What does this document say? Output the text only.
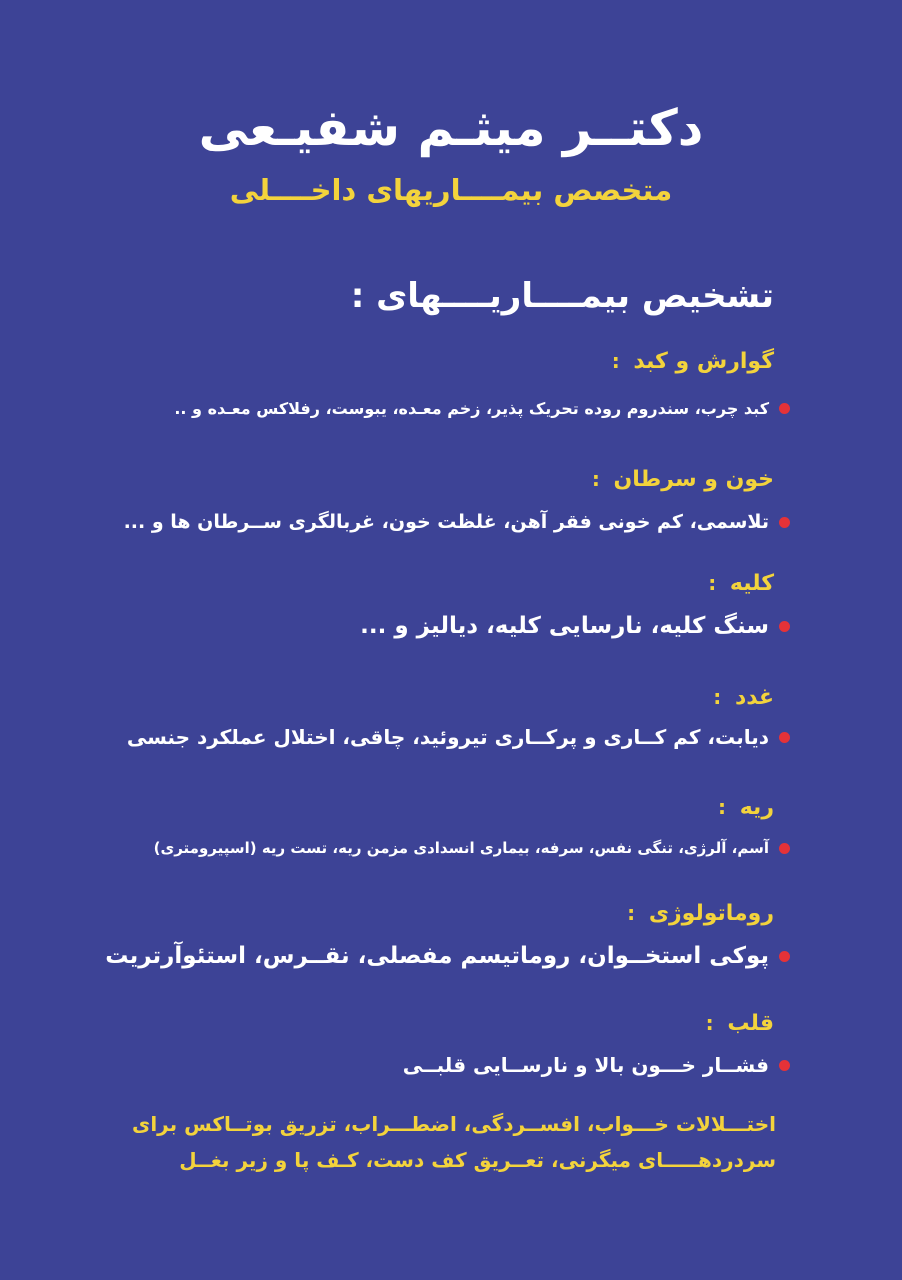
دکتــر میثـم شفیـعی
متخصص بیمــــاریهای داخــــلی
تشخیص بیمــــاریــــهای :
گوارش و کبد :
کبد چرب، سندروم روده تحریک پذیر، زخم معـده، یبوست، رفلاکس معـده و ..
خون و سرطان :
تلاسمی، کم خونی فقر آهن، غلظت خون، غربالگری ســرطان ها و ...
کلیه :
سنگ کلیه، نارسایی کلیه، دیالیز و ...
غدد :
دیابت، کم کــاری و پرکــاری تیروئید، چاقی، اختلال عملکرد جنسی
ریه :
آسم، آلرژی، تنگی نفس، سرفه، بیماری انسدادی مزمن ریه، تست ریه (اسپیرومتری)
روماتولوژی :
پوکی استخــوان، روماتیسم مفصلی، نقــرس، استئوآرتریت
قلب :
فشــار خـــون بالا و نارســایی قلبــی

اختـــلالات خـــواب، افســردگی، اضطـــراب، تزریق بوتــاکس برای

سردردهـــــای میگرنی، تعــریق کف دست، کـف پا و زیر بغــل
